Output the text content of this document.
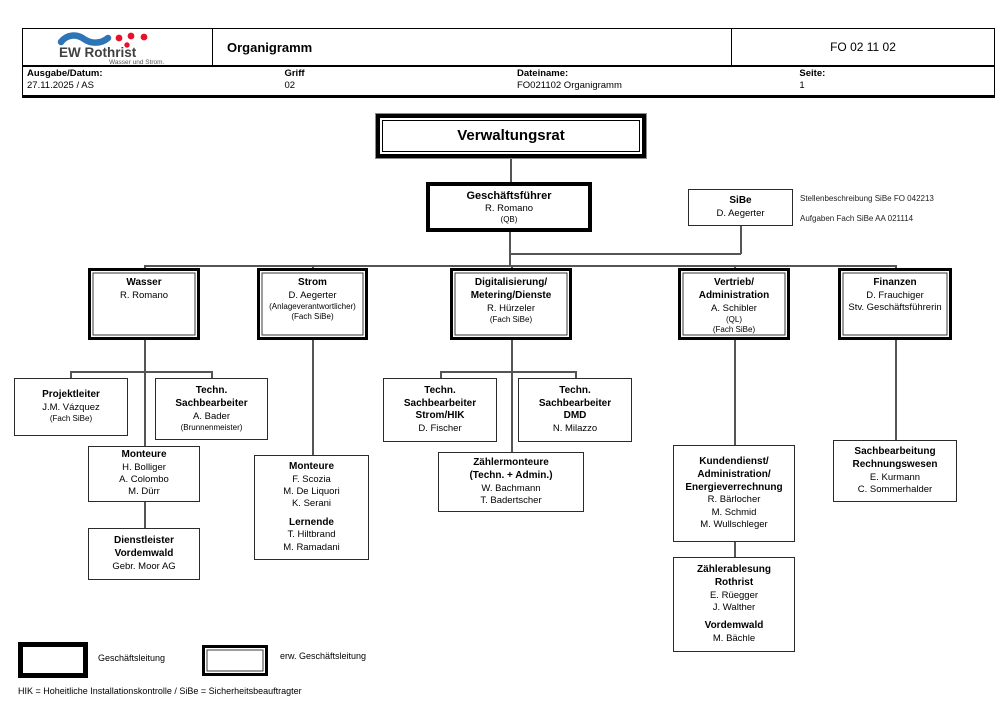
EW Rothrist
Wasser und Strom.
Organigramm	FO 02 11 02
Ausgabe/Datum:
27.11.2025 / AS
Griff
02
Dateiname:
FO021102 Organigramm
Seite:
1
Verwaltungsrat
Geschäftsführer
R. Romano
(QB)
SiBe
D. Aegerter
Stellenbeschreibung SiBe FO 042213
Aufgaben Fach SiBe AA 021114
Wasser
R. Romano
Strom
D. Aegerter
(Anlageverantwortlicher)
(Fach SiBe)
Digitalisierung/
Metering/Dienste
R. Hürzeler
(Fach SiBe)
Vertrieb/
Administration
A. Schibler
(QL)
(Fach SiBe)
Finanzen
D. Frauchiger
Stv. Geschäftsführerin
Projektleiter
J.M. Vázquez
(Fach SiBe)
Techn.
Sachbearbeiter
A. Bader
(Brunnenmeister)
Monteure
H. Bolliger
A. Colombo
M. Dürr
Dienstleister
Vordemwald
Gebr. Moor AG
Monteure
F. Scozia
M. De Liquori
K. Serani
Lernende
T. Hiltbrand
M. Ramadani
Techn.
Sachbearbeiter
Strom/HIK
D. Fischer
Techn.
Sachbearbeiter
DMD
N. Milazzo
Zählermonteure
(Techn. + Admin.)
W. Bachmann
T. Badertscher
Kundendienst/
Administration/
Energieverrechnung
R. Bärlocher
M. Schmid
M. Wullschleger
Zählerablesung
Rothrist
E. Rüegger
J. Walther
Vordemwald
M. Bächle
Sachbearbeitung
Rechnungswesen
E. Kurmann
C. Sommerhalder
Geschäftsleitung	erw. Geschäftsleitung
HIK = Hoheitliche Installationskontrolle / SiBe = Sicherheitsbeauftragter
